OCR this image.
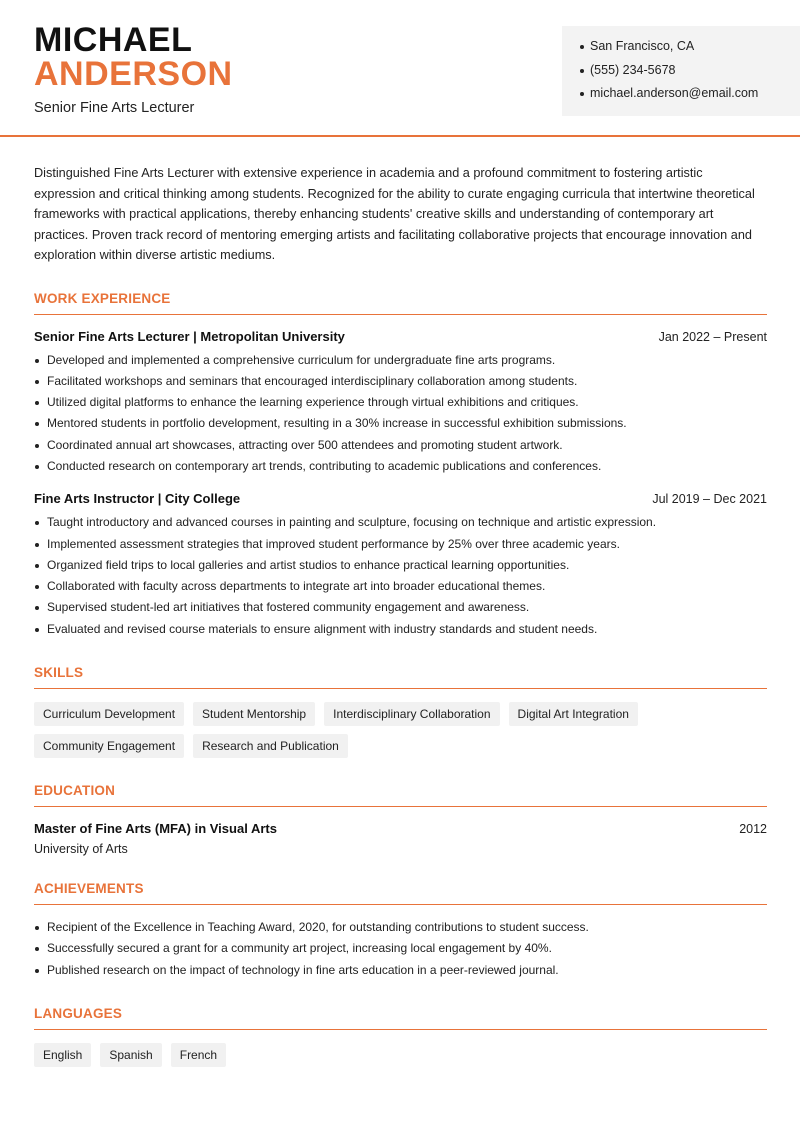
MICHAEL
ANDERSON
Senior Fine Arts Lecturer
San Francisco, CA
(555) 234-5678
michael.anderson@email.com

Distinguished Fine Arts Lecturer with extensive experience in academia and a profound commitment to fostering artistic expression and critical thinking among students. Recognized for the ability to curate engaging curricula that intertwine theoretical frameworks with practical applications, thereby enhancing students' creative skills and understanding of contemporary art practices. Proven track record of mentoring emerging artists and facilitating collaborative projects that encourage innovation and exploration within diverse artistic mediums.

WORK EXPERIENCE
Senior Fine Arts Lecturer | Metropolitan University	Jan 2022 – Present
Developed and implemented a comprehensive curriculum for undergraduate fine arts programs.
Facilitated workshops and seminars that encouraged interdisciplinary collaboration among students.
Utilized digital platforms to enhance the learning experience through virtual exhibitions and critiques.
Mentored students in portfolio development, resulting in a 30% increase in successful exhibition submissions.
Coordinated annual art showcases, attracting over 500 attendees and promoting student artwork.
Conducted research on contemporary art trends, contributing to academic publications and conferences.
Fine Arts Instructor | City College	Jul 2019 – Dec 2021
Taught introductory and advanced courses in painting and sculpture, focusing on technique and artistic expression.
Implemented assessment strategies that improved student performance by 25% over three academic years.
Organized field trips to local galleries and artist studios to enhance practical learning opportunities.
Collaborated with faculty across departments to integrate art into broader educational themes.
Supervised student-led art initiatives that fostered community engagement and awareness.
Evaluated and revised course materials to ensure alignment with industry standards and student needs.
SKILLS
Curriculum Development	Student Mentorship	Interdisciplinary Collaboration	Digital Art Integration
Community Engagement	Research and Publication
EDUCATION
Master of Fine Arts (MFA) in Visual Arts	2012
University of Arts
ACHIEVEMENTS
Recipient of the Excellence in Teaching Award, 2020, for outstanding contributions to student success.
Successfully secured a grant for a community art project, increasing local engagement by 40%.
Published research on the impact of technology in fine arts education in a peer-reviewed journal.
LANGUAGES
English	Spanish	French
